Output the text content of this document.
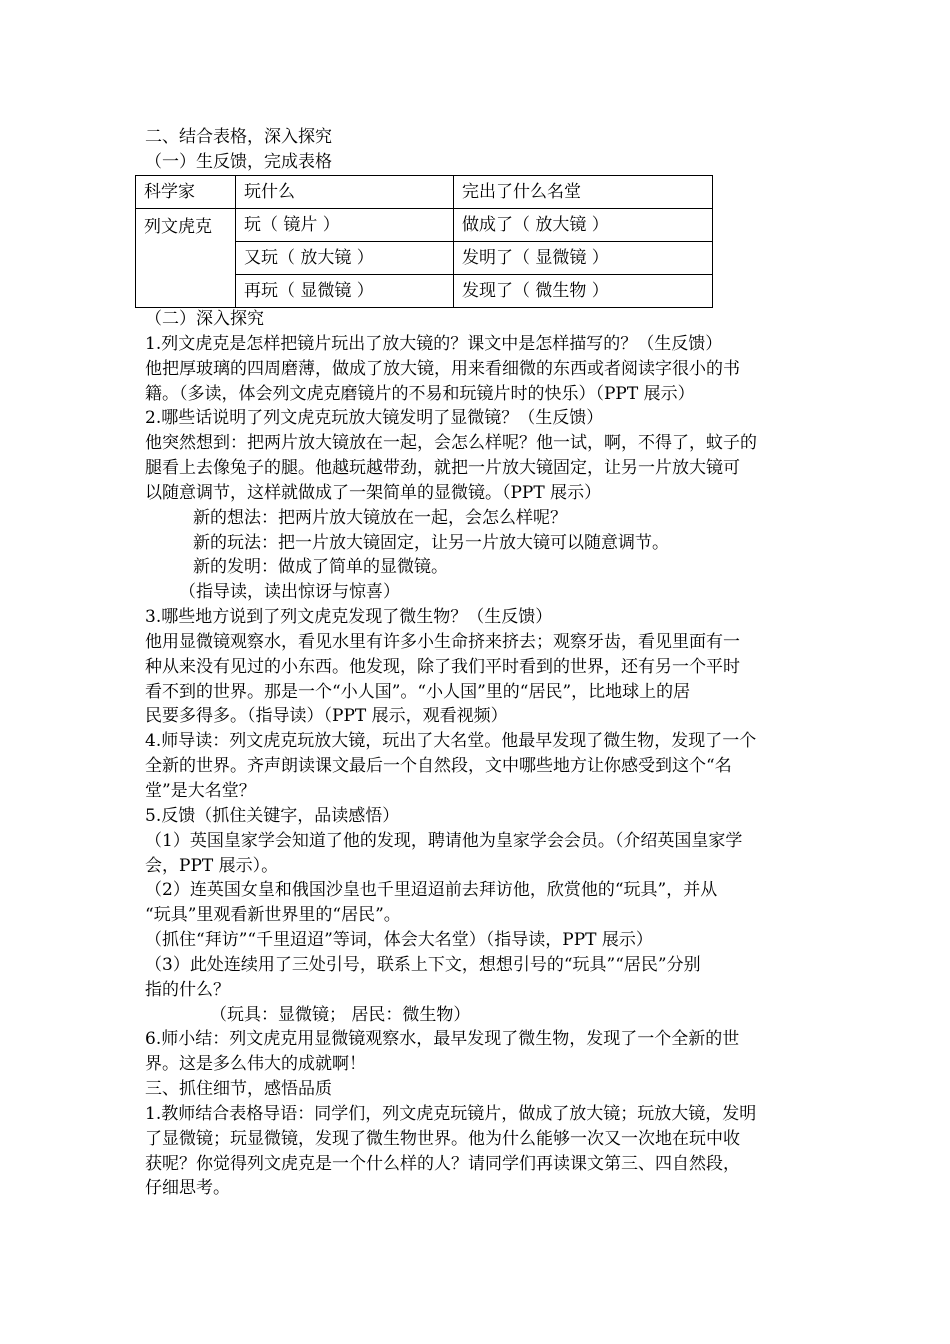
二、结合表格，深入探究
（一）生反馈，完成表格
科学家	玩什么	完出了什么名堂
列文虎克	玩（ 镜片 ）	做成了（ 放大镜 ）
	又玩（ 放大镜 ）	发明了（ 显微镜 ）
	再玩（ 显微镜 ）	发现了（ 微生物 ）
（二）深入探究
1.列文虎克是怎样把镜片玩出了放大镜的？课文中是怎样描写的？（生反馈）
他把厚玻璃的四周磨薄，做成了放大镜，用来看细微的东西或者阅读字很小的书
籍。（多读，体会列文虎克磨镜片的不易和玩镜片时的快乐）（PPT 展示）
2.哪些话说明了列文虎克玩放大镜发明了显微镜？（生反馈）
他突然想到：把两片放大镜放在一起，会怎么样呢？他一试，啊，不得了，蚊子的
腿看上去像兔子的腿。他越玩越带劲，就把一片放大镜固定，让另一片放大镜可
以随意调节，这样就做成了一架简单的显微镜。（PPT 展示）
新的想法：把两片放大镜放在一起，会怎么样呢？
新的玩法：把一片放大镜固定，让另一片放大镜可以随意调节。
新的发明：做成了简单的显微镜。
（指导读，读出惊讶与惊喜）
3.哪些地方说到了列文虎克发现了微生物？（生反馈）
他用显微镜观察水，看见水里有许多小生命挤来挤去；观察牙齿，看见里面有一
种从来没有见过的小东西。他发现，除了我们平时看到的世界，还有另一个平时
看不到的世界。那是一个“小人国”。“小人国”里的“居民”，比地球上的居
民要多得多。（指导读）（PPT 展示，观看视频）
4.师导读：列文虎克玩放大镜，玩出了大名堂。他最早发现了微生物，发现了一个
全新的世界。齐声朗读课文最后一个自然段，文中哪些地方让你感受到这个“名
堂”是大名堂？
5.反馈（抓住关键字，品读感悟）
（1）英国皇家学会知道了他的发现，聘请他为皇家学会会员。（介绍英国皇家学
会，PPT 展示）。
（2）连英国女皇和俄国沙皇也千里迢迢前去拜访他，欣赏他的“玩具”，并从
“玩具”里观看新世界里的“居民”。
（抓住“拜访”“千里迢迢”等词，体会大名堂）（指导读，PPT 展示）
（3）此处连续用了三处引号，联系上下文，想想引号的“玩具”“居民”分别
指的什么？
（玩具：显微镜； 居民：微生物）
6.师小结：列文虎克用显微镜观察水，最早发现了微生物，发现了一个全新的世
界。这是多么伟大的成就啊！
三、抓住细节，感悟品质
1.教师结合表格导语：同学们，列文虎克玩镜片，做成了放大镜；玩放大镜，发明
了显微镜；玩显微镜，发现了微生物世界。他为什么能够一次又一次地在玩中收
获呢？你觉得列文虎克是一个什么样的人？请同学们再读课文第三、四自然段，
仔细思考。
